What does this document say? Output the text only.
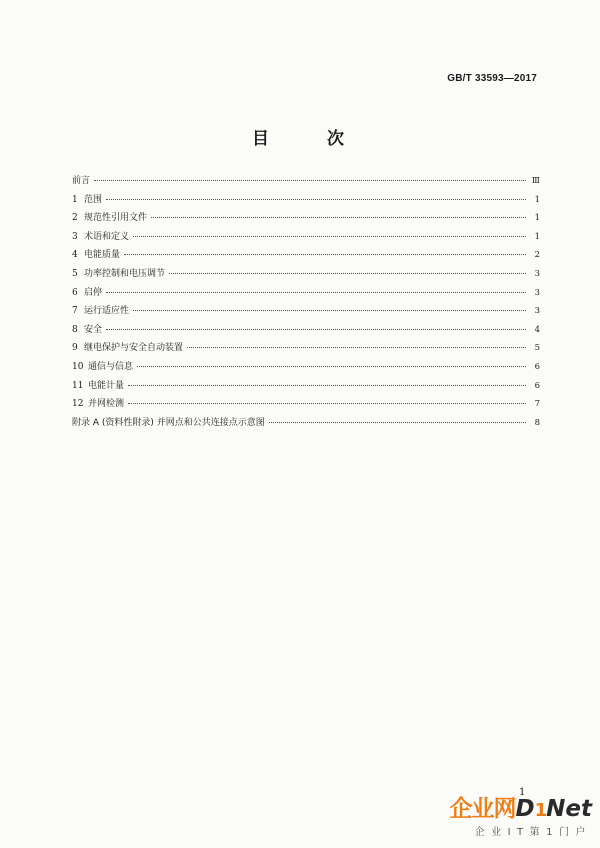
GB/T 33593—2017
目 次
前言	Ⅲ
1 范围	1
2 规范性引用文件	1
3 术语和定义	1
4 电能质量	2
5 功率控制和电压调节	3
6 启停	3
7 运行适应性	3
8 安全	4
9 继电保护与安全自动装置	5
10 通信与信息	6
11 电能计量	6
12 并网检测	7
附录 A (资料性附录) 并网点和公共连接点示意图	8
1
企业网D1Net
企业IT第1门户
